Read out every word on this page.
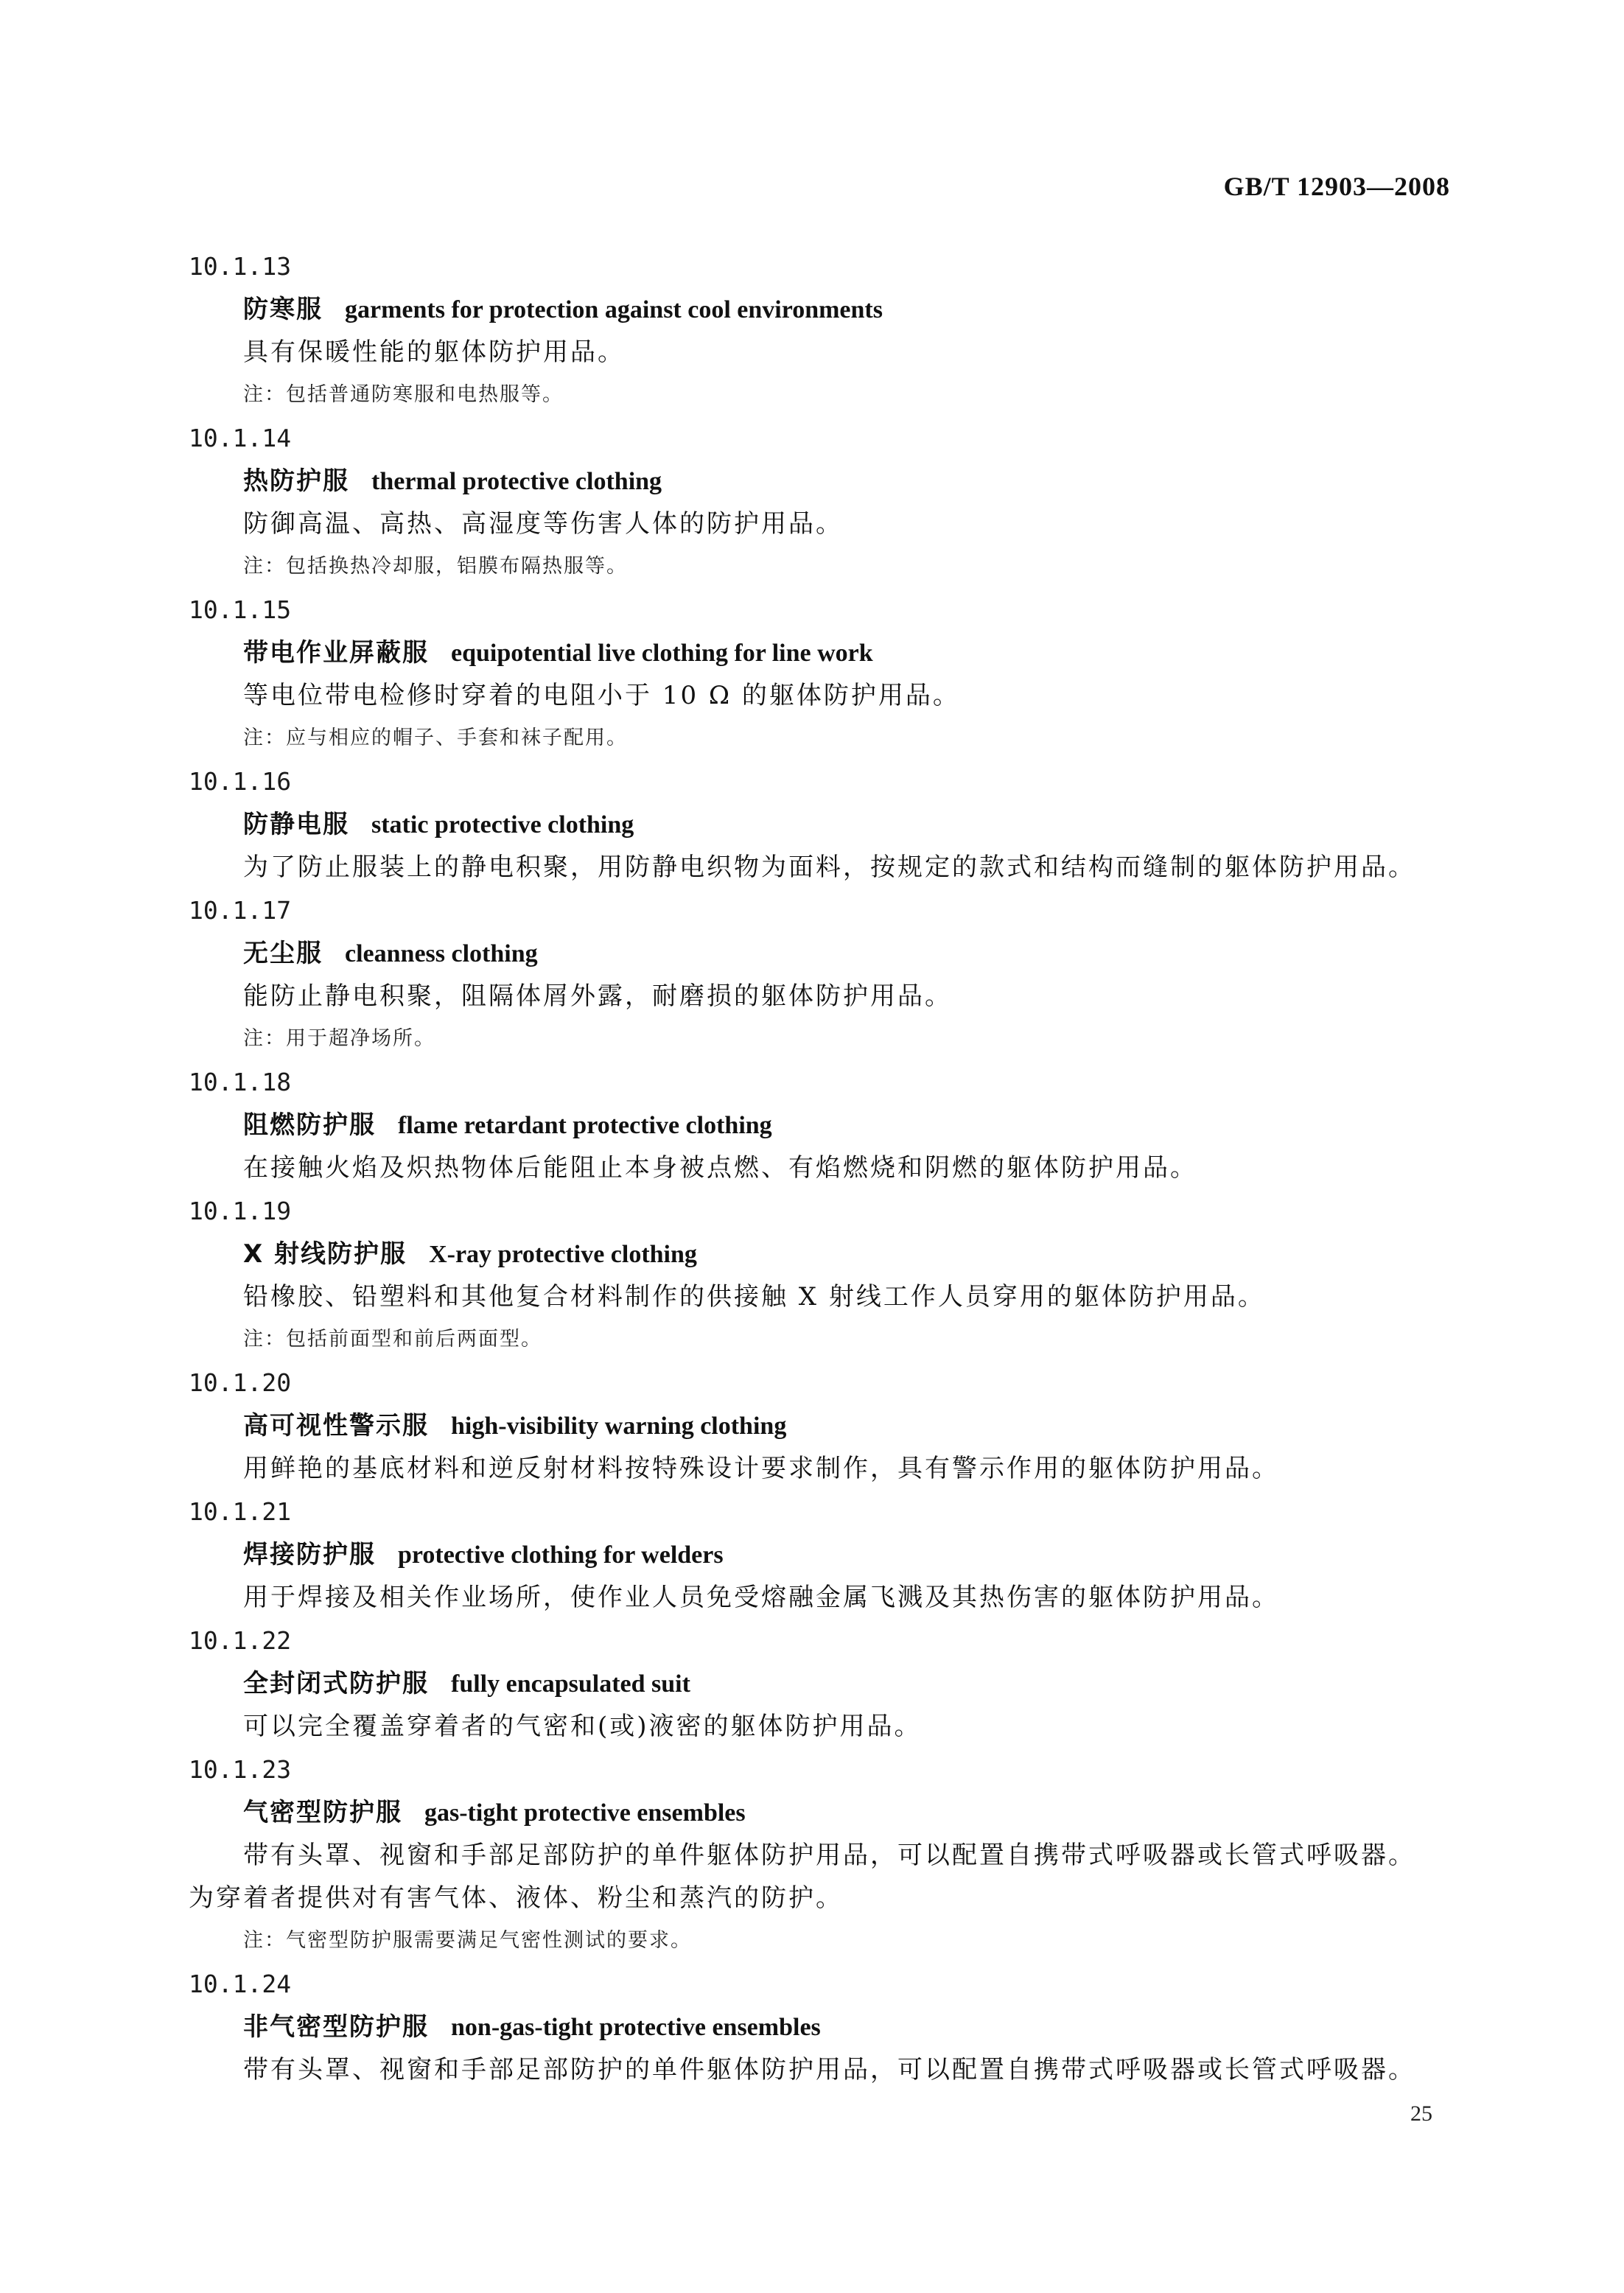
GB/T 12903—2008
10.1.13
防寒服 garments for protection against cool environments
具有保暖性能的躯体防护用品。
注：包括普通防寒服和电热服等。
10.1.14
热防护服 thermal protective clothing
防御高温、高热、高湿度等伤害人体的防护用品。
注：包括换热冷却服，铝膜布隔热服等。
10.1.15
带电作业屏蔽服 equipotential live clothing for line work
等电位带电检修时穿着的电阻小于 10 Ω 的躯体防护用品。
注：应与相应的帽子、手套和袜子配用。
10.1.16
防静电服 static protective clothing
为了防止服装上的静电积聚，用防静电织物为面料，按规定的款式和结构而缝制的躯体防护用品。
10.1.17
无尘服 cleanness clothing
能防止静电积聚，阻隔体屑外露，耐磨损的躯体防护用品。
注：用于超净场所。
10.1.18
阻燃防护服 flame retardant protective clothing
在接触火焰及炽热物体后能阻止本身被点燃、有焰燃烧和阴燃的躯体防护用品。
10.1.19
X 射线防护服 X-ray protective clothing
铅橡胶、铅塑料和其他复合材料制作的供接触 X 射线工作人员穿用的躯体防护用品。
注：包括前面型和前后两面型。
10.1.20
高可视性警示服 high-visibility warning clothing
用鲜艳的基底材料和逆反射材料按特殊设计要求制作，具有警示作用的躯体防护用品。
10.1.21
焊接防护服 protective clothing for welders
用于焊接及相关作业场所，使作业人员免受熔融金属飞溅及其热伤害的躯体防护用品。
10.1.22
全封闭式防护服 fully encapsulated suit
可以完全覆盖穿着者的气密和(或)液密的躯体防护用品。
10.1.23
气密型防护服 gas-tight protective ensembles
带有头罩、视窗和手部足部防护的单件躯体防护用品，可以配置自携带式呼吸器或长管式呼吸器。
为穿着者提供对有害气体、液体、粉尘和蒸汽的防护。
注：气密型防护服需要满足气密性测试的要求。
10.1.24
非气密型防护服 non-gas-tight protective ensembles
带有头罩、视窗和手部足部防护的单件躯体防护用品，可以配置自携带式呼吸器或长管式呼吸器。
25
